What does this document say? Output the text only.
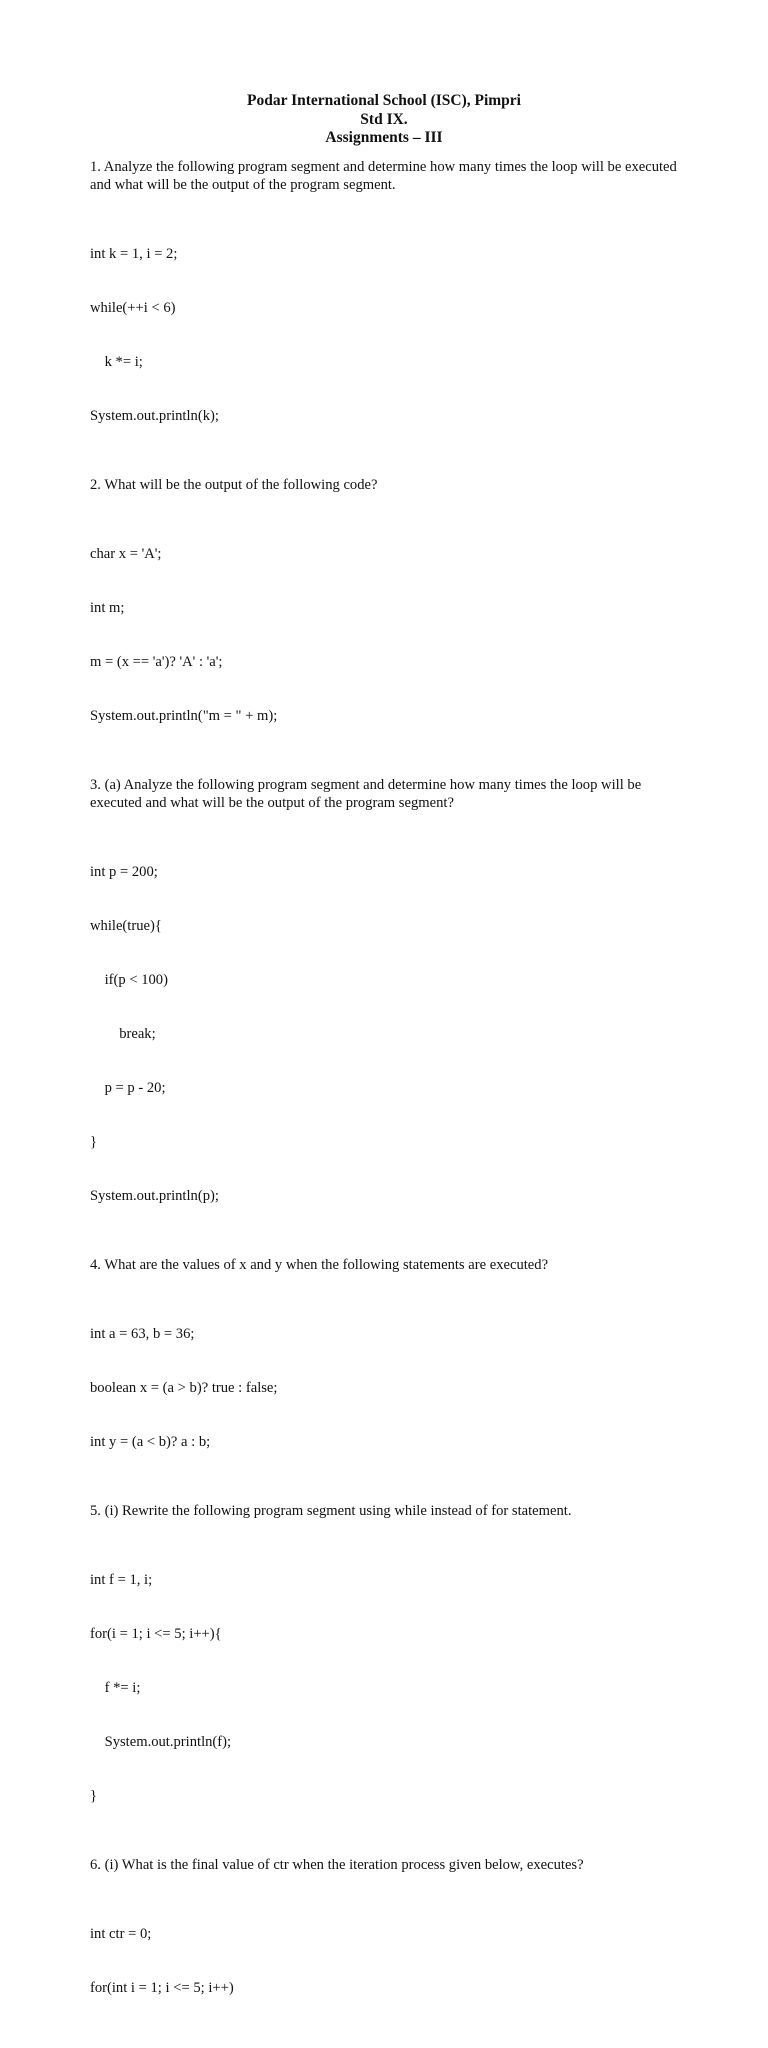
Podar International School (ISC), Pimpri
Std IX.
Assignments – III
1. Analyze the following program segment and determine how many times the loop will be executed and what will be the output of the program segment.

int k = 1, i = 2;

while(++i < 6)

k *= i;

System.out.println(k);

2. What will be the output of the following code?

char x = 'A';

int m;

m = (x == 'a')? 'A' : 'a';

System.out.println("m = " + m);

3. (a) Analyze the following program segment and determine how many times the loop will be executed and what will be the output of the program segment?

int p = 200;

while(true){

if(p < 100)

break;

p = p - 20;

}

System.out.println(p);

4. What are the values of x and y when the following statements are executed?

int a = 63, b = 36;

boolean x = (a > b)? true : false;

int y = (a < b)? a : b;

5. (i) Rewrite the following program segment using while instead of for statement.

int f = 1, i;

for(i = 1; i <= 5; i++){

f *= i;

System.out.println(f);

}

6. (i) What is the final value of ctr when the iteration process given below, executes?

int ctr = 0;

for(int i = 1; i <= 5; i++)
